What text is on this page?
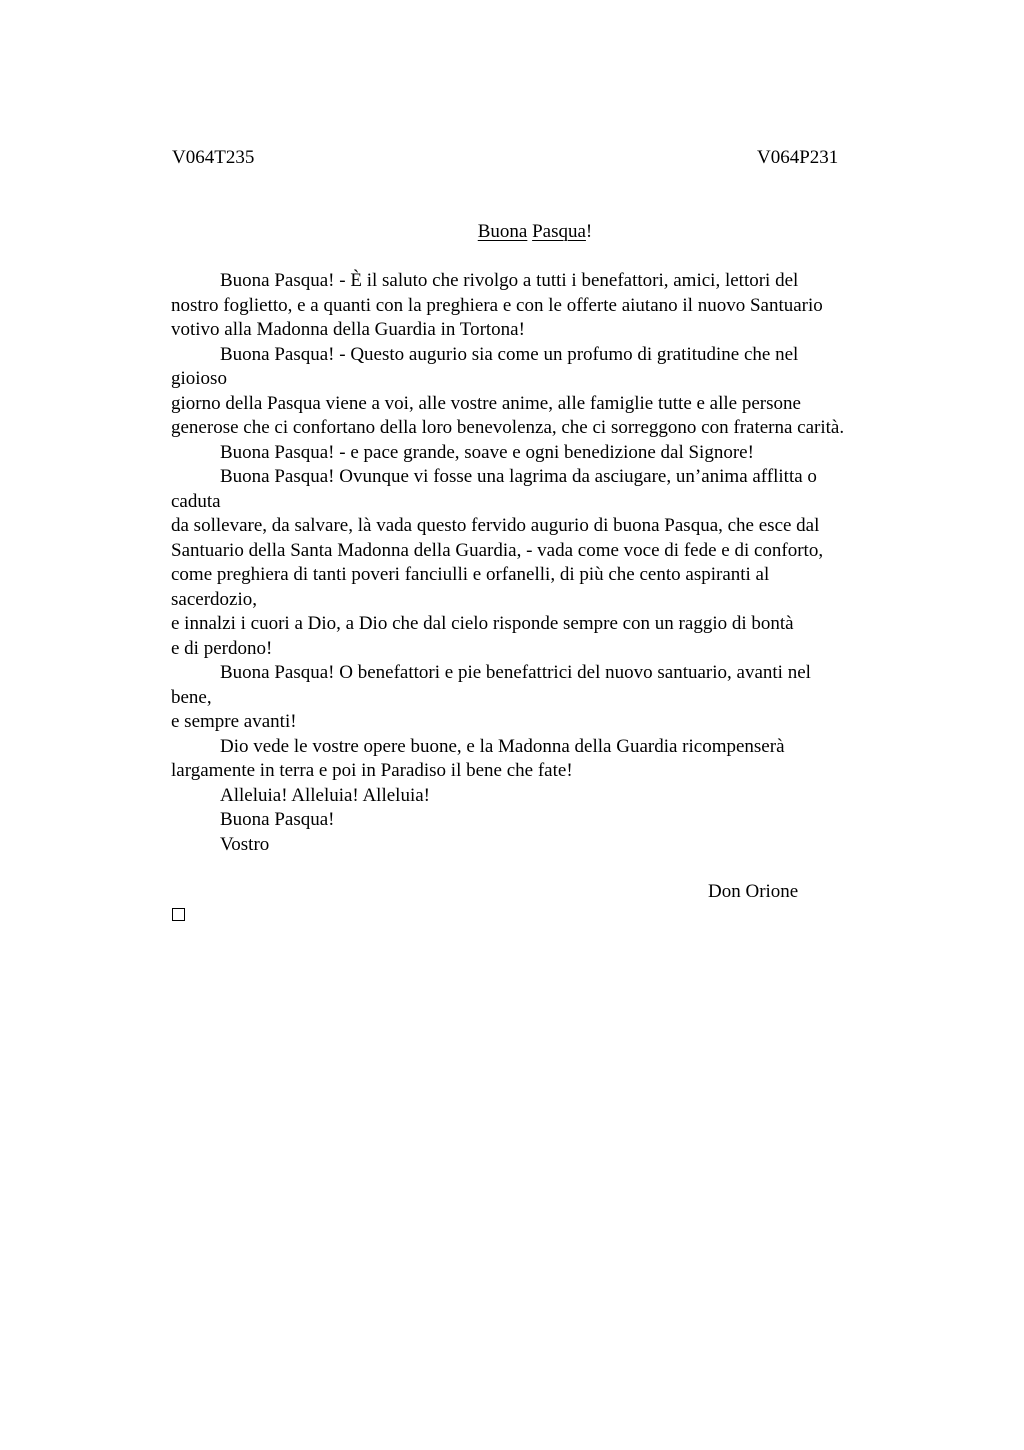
V064T235	V064P231
Buona Pasqua!
Buona Pasqua! - È il saluto che rivolgo a tutti i benefattori, amici, lettori del
nostro foglietto, e a quanti con la preghiera e con le offerte aiutano il nuovo Santuario
votivo alla Madonna della Guardia in Tortona!
Buona Pasqua! - Questo augurio sia come un profumo di gratitudine che nel
gioioso
giorno della Pasqua viene a voi, alle vostre anime, alle famiglie tutte e alle persone
generose che ci confortano della loro benevolenza, che ci sorreggono con fraterna carità.
Buona Pasqua! - e pace grande, soave e ogni benedizione dal Signore!
Buona Pasqua! Ovunque vi fosse una lagrima da asciugare, un’anima afflitta o
caduta
da sollevare, da salvare, là vada questo fervido augurio di buona Pasqua, che esce dal
Santuario della Santa Madonna della Guardia, - vada come voce di fede e di conforto,
come preghiera di tanti poveri fanciulli e orfanelli, di più che cento aspiranti al
sacerdozio,
e innalzi i cuori a Dio, a Dio che dal cielo risponde sempre con un raggio di bontà
e di perdono!
Buona Pasqua! O benefattori e pie benefattrici del nuovo santuario, avanti nel
bene,
e sempre avanti!
Dio vede le vostre opere buone, e la Madonna della Guardia ricompenserà
largamente in terra e poi in Paradiso il bene che fate!
Alleluia! Alleluia! Alleluia!
Buona Pasqua!
Vostro
Don Orione
